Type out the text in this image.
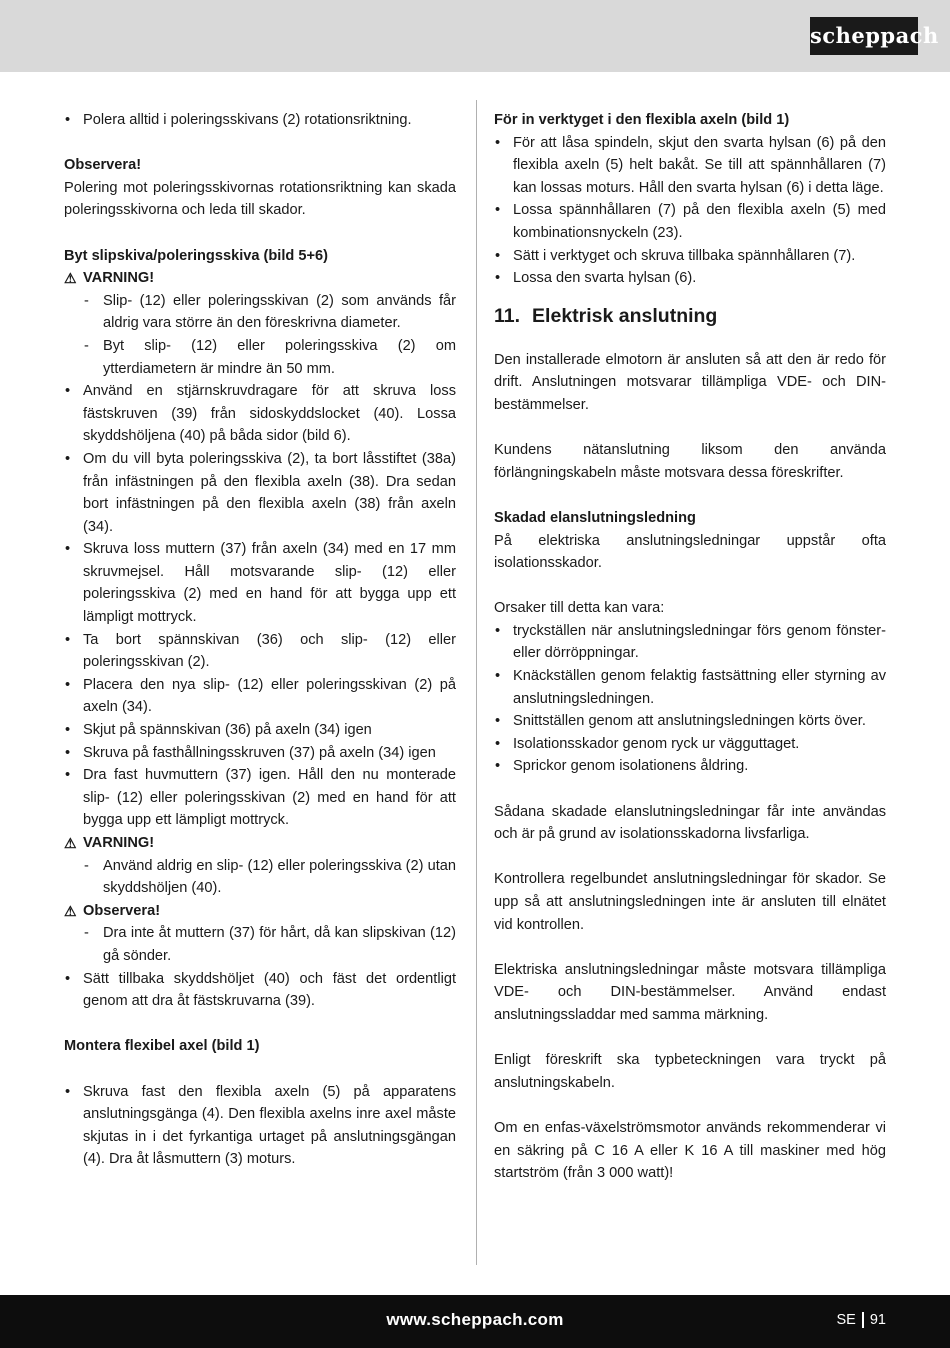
scheppach

• Polera alltid i poleringsskivans (2) rotationsriktning.

Observera!

Polering mot poleringsskivornas rotationsriktning kan skada poleringsskivorna och leda till skador.

Byt slipskiva/poleringsskiva (bild 5+6)

⚠ VARNING!

- Slip- (12) eller poleringsskivan (2) som används får aldrig vara större än den föreskrivna diameter.

- Byt slip- (12) eller poleringsskiva (2) om ytterdiametern är mindre än 50 mm.

• Använd en stjärnskruvdragare för att skruva loss fästskruven (39) från sidoskyddslocket (40). Lossa skyddshöljena (40) på båda sidor (bild 6).

• Om du vill byta poleringsskiva (2), ta bort låsstiftet (38a) från infästningen på den flexibla axeln (38). Dra sedan bort infästningen på den flexibla axeln (38) från axeln (34).

• Skruva loss muttern (37) från axeln (34) med en 17 mm skruvmejsel. Håll motsvarande slip- (12) eller poleringsskiva (2) med en hand för att bygga upp ett lämpligt mottryck.

• Ta bort spännskivan (36) och slip- (12) eller poleringsskivan (2).

• Placera den nya slip- (12) eller poleringsskivan (2) på axeln (34).

• Skjut på spännskivan (36) på axeln (34) igen

• Skruva på fasthållningsskruven (37) på axeln (34) igen

• Dra fast huvmuttern (37) igen. Håll den nu monterade slip- (12) eller poleringsskivan (2) med en hand för att bygga upp ett lämpligt mottryck.

⚠ VARNING!

- Använd aldrig en slip- (12) eller poleringsskiva (2) utan skyddshöljen (40).

⚠ Observera!

- Dra inte åt muttern (37) för hårt, då kan slipskivan (12) gå sönder.

• Sätt tillbaka skyddshöljet (40) och fäst det ordentligt genom att dra åt fästskruvarna (39).

Montera flexibel axel (bild 1)

• Skruva fast den flexibla axeln (5) på apparatens anslutningsgänga (4). Den flexibla axelns inre axel måste skjutas in i det fyrkantiga urtaget på anslutningsgängan (4). Dra åt låsmuttern (3) moturs.

För in verktyget i den flexibla axeln (bild 1)

• För att låsa spindeln, skjut den svarta hylsan (6) på den flexibla axeln (5) helt bakåt. Se till att spännhållaren (7) kan lossas moturs. Håll den svarta hylsan (6) i detta läge.

• Lossa spännhållaren (7) på den flexibla axeln (5) med kombinationsnyckeln (23).

• Sätt i verktyget och skruva tillbaka spännhållaren (7).

• Lossa den svarta hylsan (6).

11. Elektrisk anslutning

Den installerade elmotorn är ansluten så att den är redo för drift. Anslutningen motsvarar tillämpliga VDE- och DIN-bestämmelser.

Kundens nätanslutning liksom den använda förlängningskabeln måste motsvara dessa föreskrifter.

Skadad elanslutningsledning

På elektriska anslutningsledningar uppstår ofta isolationsskador.

Orsaker till detta kan vara:

• tryckställen när anslutningsledningar förs genom fönster- eller dörröppningar.

• Knäckställen genom felaktig fastsättning eller styrning av anslutningsledningen.

• Snittställen genom att anslutningsledningen körts över.

• Isolationsskador genom ryck ur vägguttaget.

• Sprickor genom isolationens åldring.

Sådana skadade elanslutningsledningar får inte användas och är på grund av isolationsskadorna livsfarliga.

Kontrollera regelbundet anslutningsledningar för skador. Se upp så att anslutningsledningen inte är ansluten till elnätet vid kontrollen.

Elektriska anslutningsledningar måste motsvara tillämpliga VDE- och DIN-bestämmelser. Använd endast anslutningssladdar med samma märkning.

Enligt föreskrift ska typbeteckningen vara tryckt på anslutningskabeln.

Om en enfas-växelströmsmotor används rekommenderar vi en säkring på C 16 A eller K 16 A till maskiner med hög startström (från 3 000 watt)!

www.scheppach.com	SE 91
